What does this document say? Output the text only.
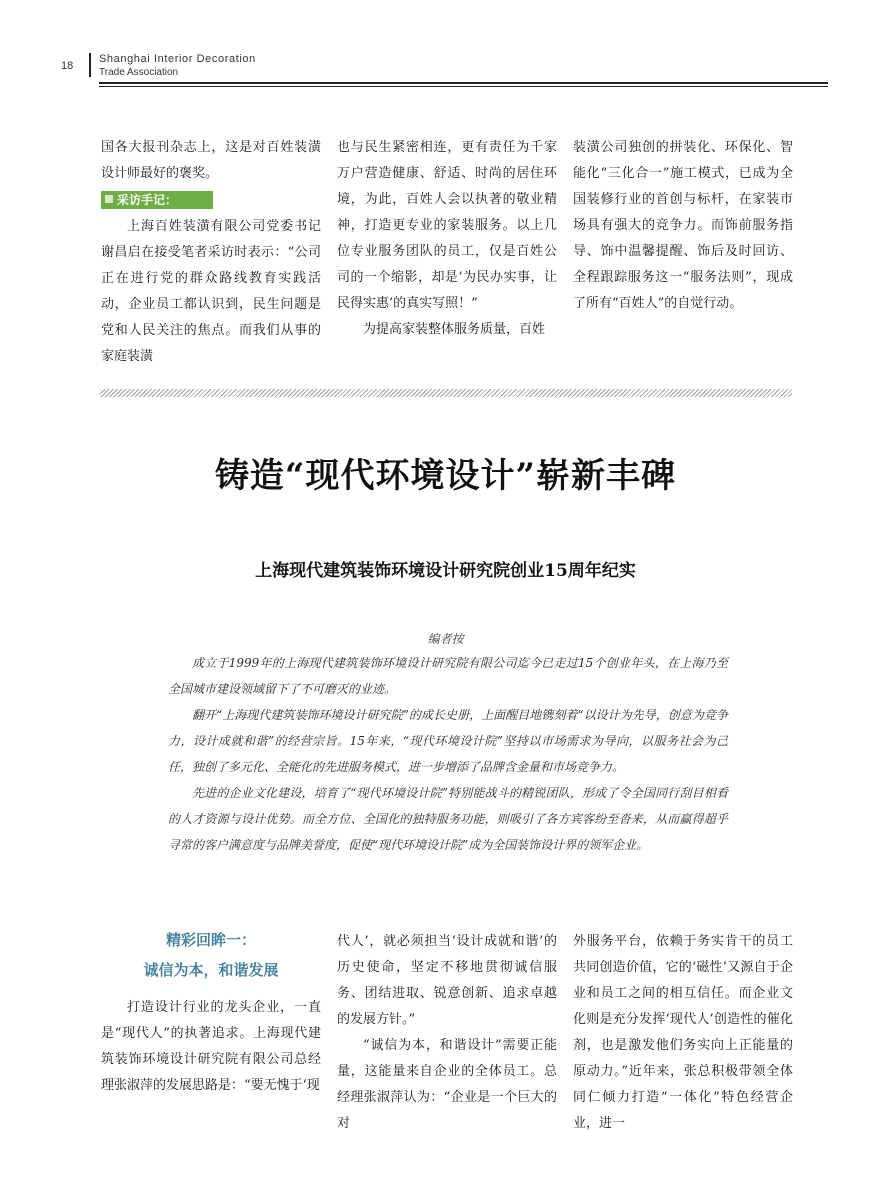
18
Shanghai Interior Decoration
Trade Association

国各大报刊杂志上，这是对百姓装潢设计师最好的褒奖。

采访手记：

上海百姓装潢有限公司党委书记谢昌启在接受笔者采访时表示：“公司正在进行党的群众路线教育实践活动，企业员工都认识到，民生问题是党和人民关注的焦点。而我们从事的家庭装潢

也与民生紧密相连，更有责任为千家万户营造健康、舒适、时尚的居住环境，为此，百姓人会以执著的敬业精神，打造更专业的家装服务。以上几位专业服务团队的员工，仅是百姓公司的一个缩影，却是‘为民办实事，让民得实惠’的真实写照！”

为提高家装整体服务质量，百姓

装潢公司独创的拼装化、环保化、智能化“三化合一”施工模式，已成为全国装修行业的首创与标杆，在家装市场具有强大的竞争力。而饰前服务指导、饰中温馨提醒、饰后及时回访、全程跟踪服务这一“服务法则”，现成了所有“百姓人”的自觉行动。

铸造“现代环境设计”崭新丰碑
上海现代建筑装饰环境设计研究院创业15周年纪实
编者按

成立于1999年的上海现代建筑装饰环境设计研究院有限公司迄今已走过15个创业年头，在上海乃至全国城市建设领域留下了不可磨灭的业迹。

翻开“上海现代建筑装饰环境设计研究院”的成长史册，上面醒目地镌刻着“以设计为先导，创意为竞争力，设计成就和谐”的经营宗旨。15年来，“现代环境设计院”坚持以市场需求为导向，以服务社会为己任，独创了多元化、全能化的先进服务模式，进一步增添了品牌含金量和市场竞争力。

先进的企业文化建设，培育了“现代环境设计院”特别能战斗的精锐团队，形成了令全国同行刮目相看的人才资源与设计优势。而全方位、全国化的独特服务功能，则吸引了各方宾客纷至沓来，从而赢得超乎寻常的客户满意度与品牌美誉度，促使“现代环境设计院”成为全国装饰设计界的领军企业。

精彩回眸一：
诚信为本，和谐发展

打造设计行业的龙头企业，一直是“现代人”的执著追求。上海现代建筑装饰环境设计研究院有限公司总经理张淑萍的发展思路是：“要无愧于‘现

代人’，就必须担当‘设计成就和谐’的历史使命，坚定不移地贯彻诚信服务、团结进取、锐意创新、追求卓越的发展方针。”

“诚信为本，和谐设计”需要正能量，这能量来自企业的全体员工。总经理张淑萍认为：“企业是一个巨大的对

外服务平台，依赖于务实肯干的员工共同创造价值，它的‘磁性’又源自于企业和员工之间的相互信任。而企业文化则是充分发挥‘现代人’创造性的催化剂，也是激发他们务实向上正能量的原动力。”近年来，张总积极带领全体同仁倾力打造“一体化”特色经营企业，进一
